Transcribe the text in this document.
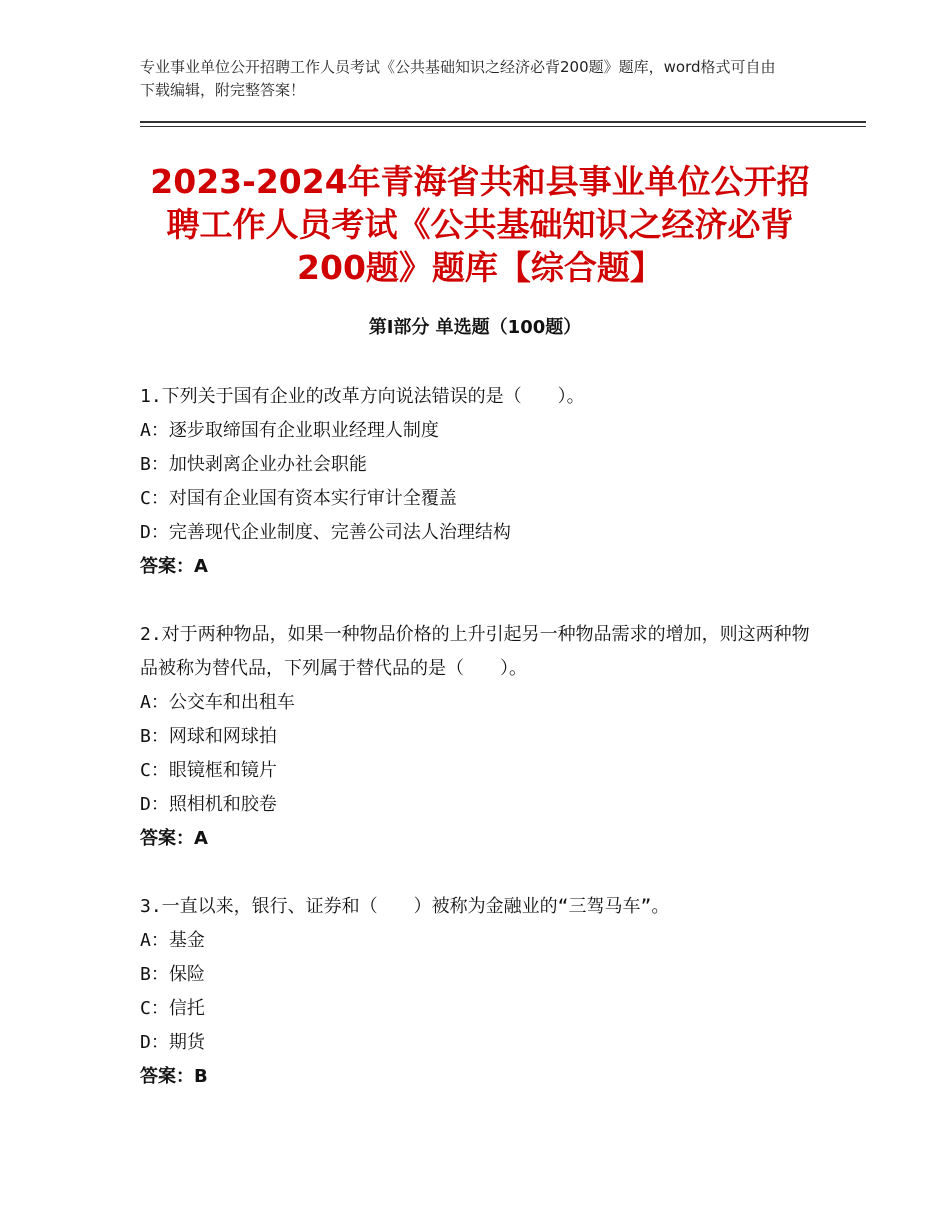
专业事业单位公开招聘工作人员考试《公共基础知识之经济必背200题》题库，word格式可自由下载编辑，附完整答案！
2023-2024年青海省共和县事业单位公开招聘工作人员考试《公共基础知识之经济必背200题》题库【综合题】
第I部分 单选题（100题）

1.下列关于国有企业的改革方向说法错误的是（　　）。

A：逐步取缔国有企业职业经理人制度

B：加快剥离企业办社会职能

C：对国有企业国有资本实行审计全覆盖

D：完善现代企业制度、完善公司法人治理结构

答案：A

2.对于两种物品，如果一种物品价格的上升引起另一种物品需求的增加，则这两种物品被称为替代品，下列属于替代品的是（　　）。

A：公交车和出租车

B：网球和网球拍

C：眼镜框和镜片

D：照相机和胶卷

答案：A

3.一直以来，银行、证券和（　　）被称为金融业的“三驾马车”。

A：基金

B：保险

C：信托

D：期货

答案：B
